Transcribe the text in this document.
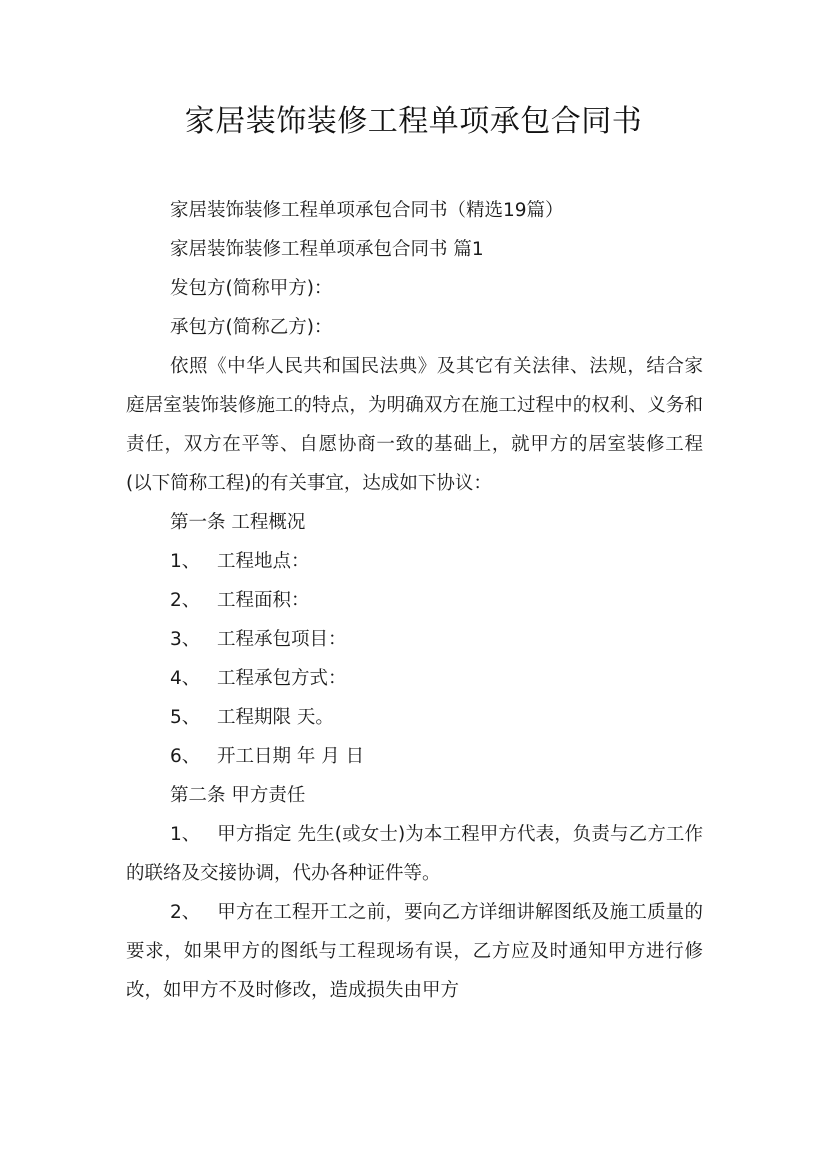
家居装饰装修工程单项承包合同书

家居装饰装修工程单项承包合同书（精选19篇）

家居装饰装修工程单项承包合同书 篇1

发包方(简称甲方)：

承包方(简称乙方)：

依照《中华人民共和国民法典》及其它有关法律、法规，结合家庭居室装饰装修施工的特点，为明确双方在施工过程中的权利、义务和责任，双方在平等、自愿协商一致的基础上，就甲方的居室装修工程(以下简称工程)的有关事宜，达成如下协议：

第一条 工程概况

1、 工程地点：

2、 工程面积：

3、 工程承包项目：

4、 工程承包方式：

5、 工程期限 天。

6、 开工日期 年 月 日

第二条 甲方责任

1、 甲方指定 先生(或女士)为本工程甲方代表，负责与乙方工作的联络及交接协调，代办各种证件等。

2、 甲方在工程开工之前，要向乙方详细讲解图纸及施工质量的要求，如果甲方的图纸与工程现场有误，乙方应及时通知甲方进行修改，如甲方不及时修改，造成损失由甲方
